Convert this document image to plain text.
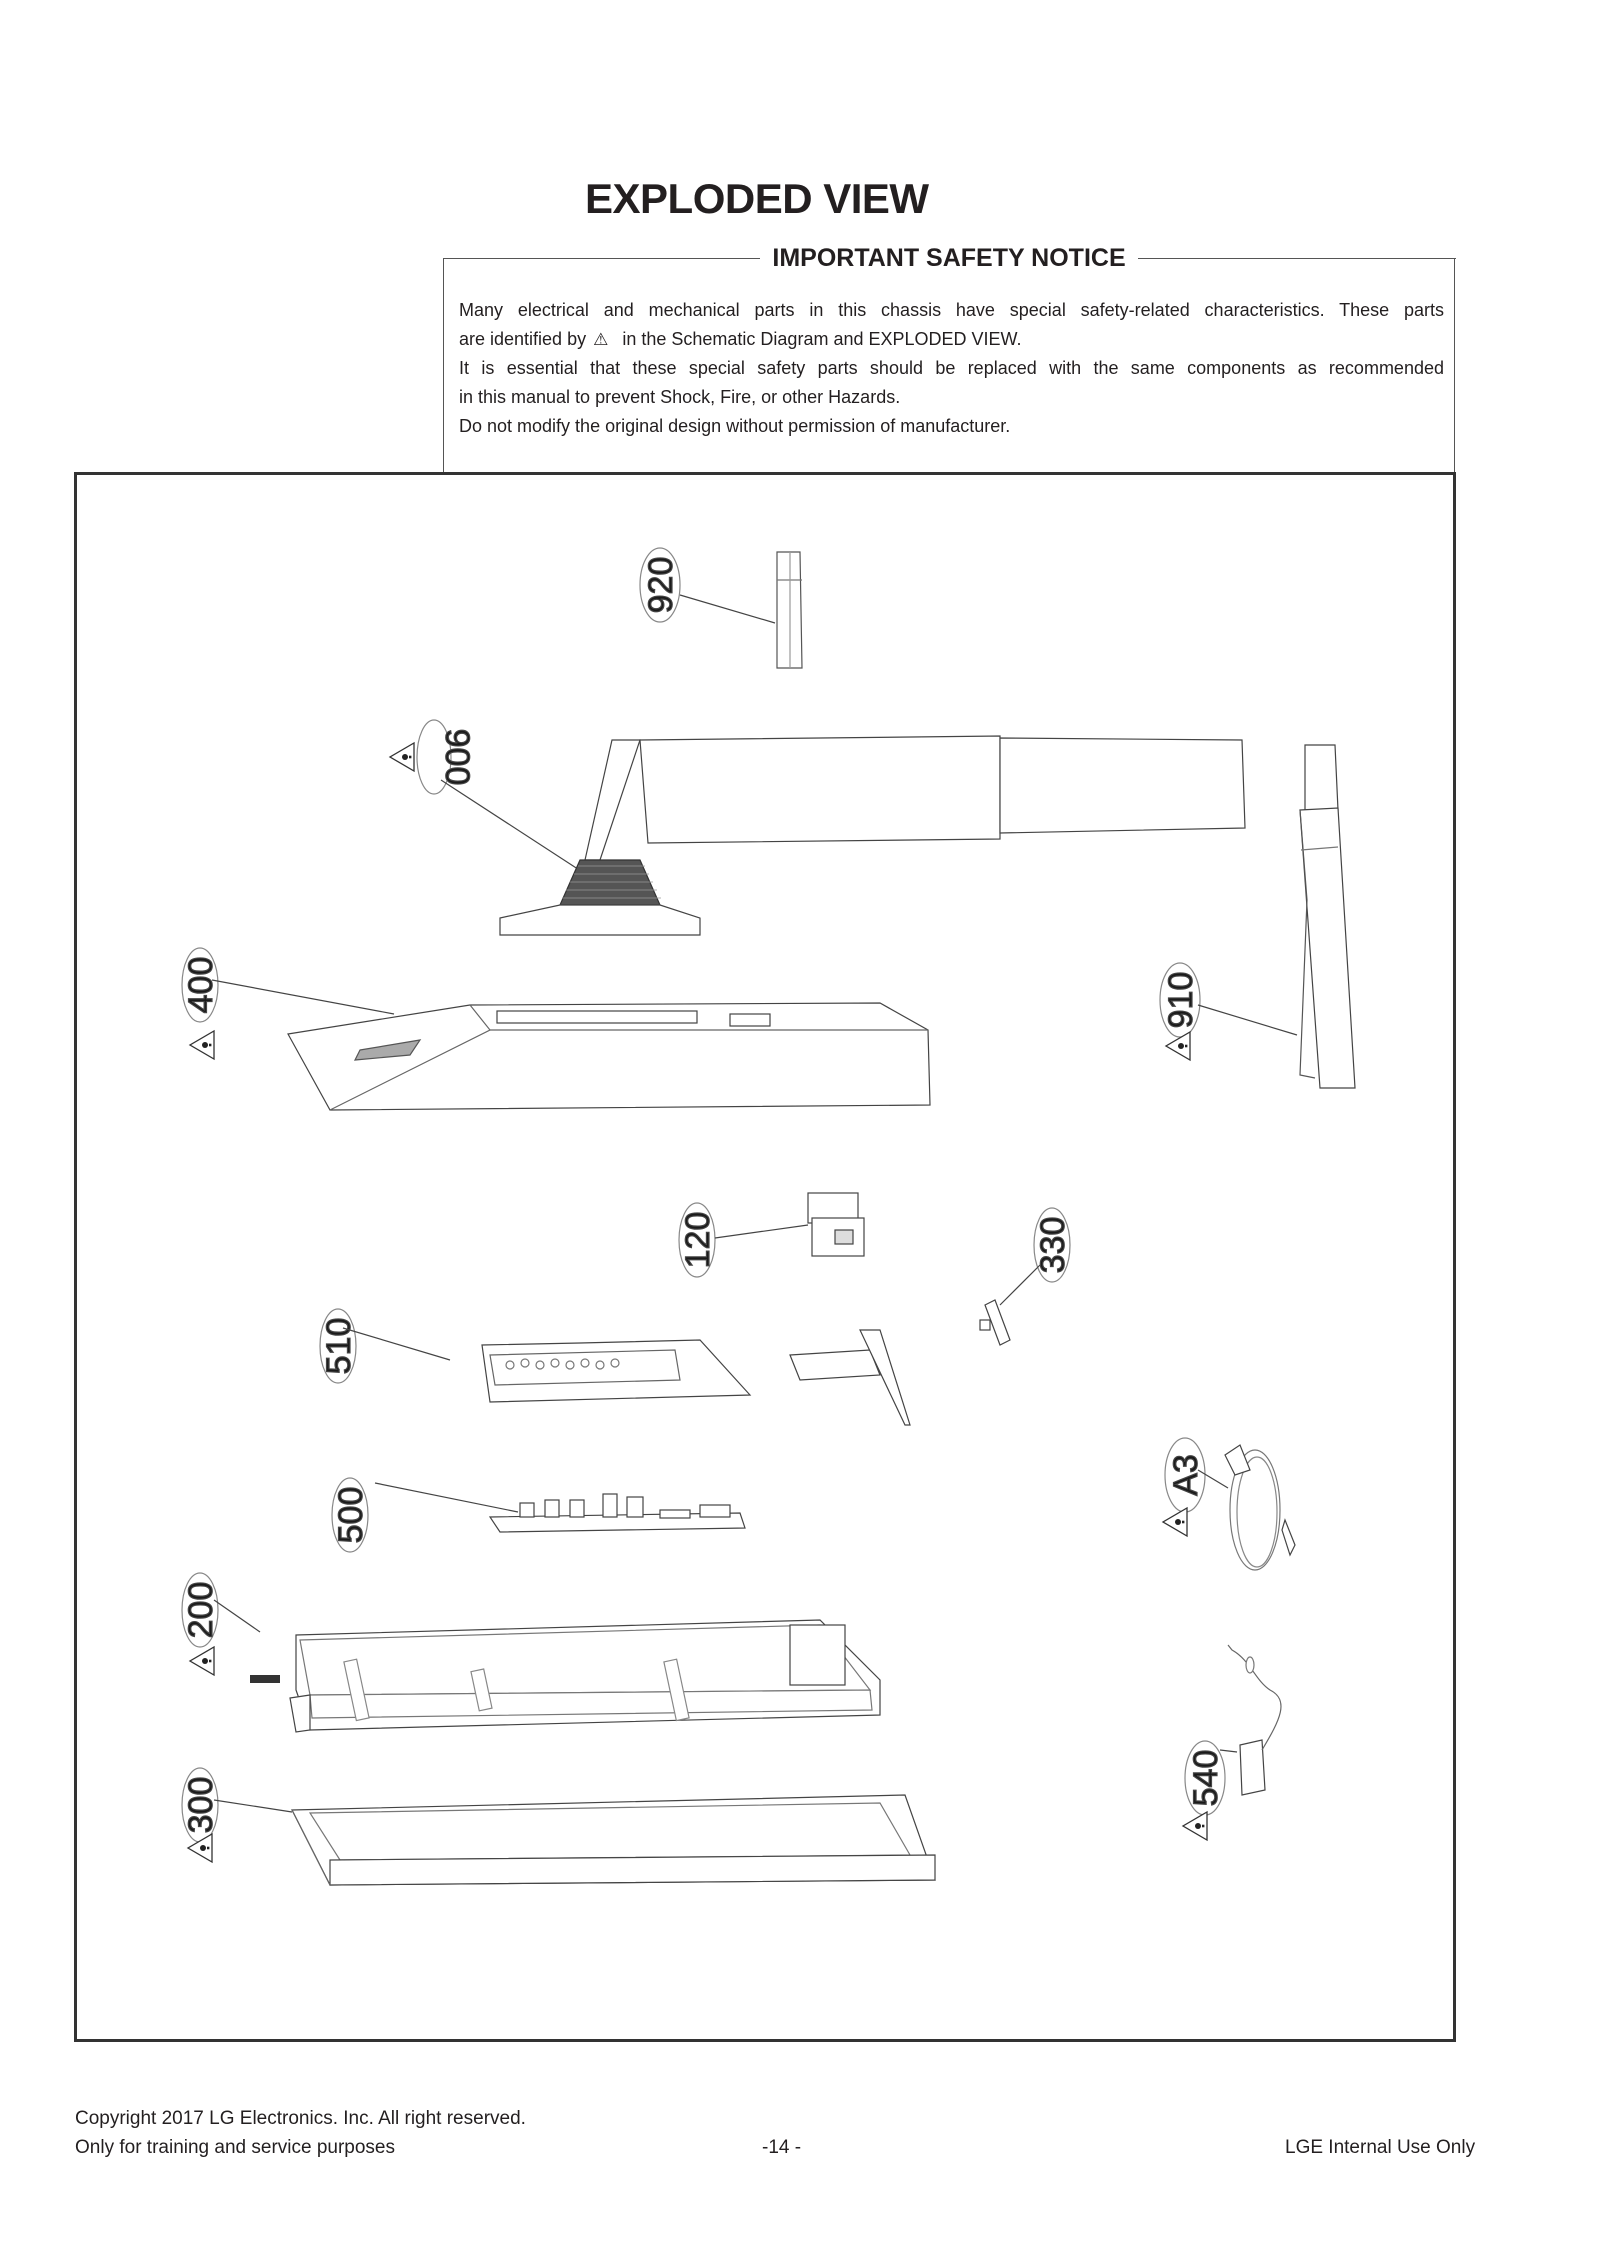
EXPLODED VIEW
IMPORTANT SAFETY NOTICE

Many electrical and mechanical parts in this chassis have special safety-related characteristics. These parts

are identified by ⚠ in the Schematic Diagram and EXPLODED VIEW.

It is essential that these special safety parts should be replaced with the same components as recommended

in this manual to prevent Shock, Fire, or other Hazards.

Do not modify the original design without permission of manufacturer.

920
900
400	910
120	330
510
A3
500
200
540
300
Copyright 2017 LG Electronics. Inc. All right reserved.
Only for training and service purposes	-14 -	LGE Internal Use Only
